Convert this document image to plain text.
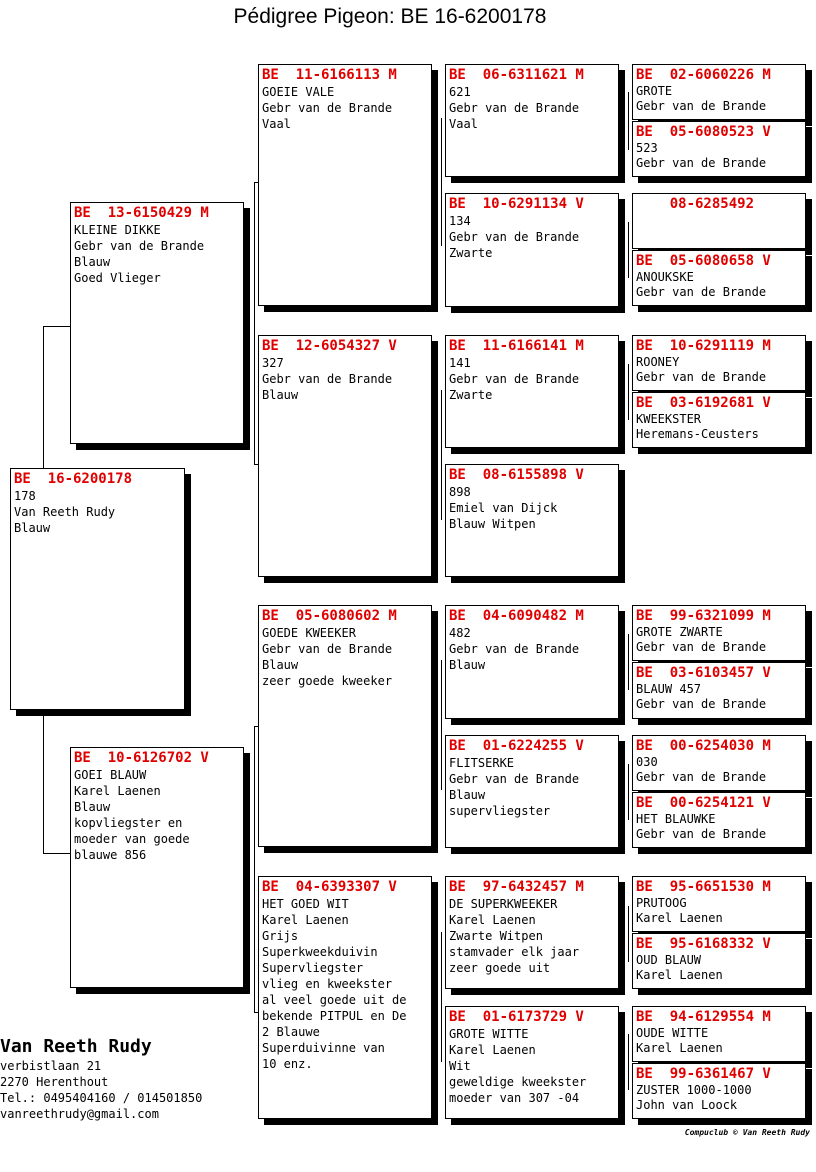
Pédigree Pigeon: BE 16-6200178
BE  16-6200178
178
Van Reeth Rudy
Blauw
BE  13-6150429 M
KLEINE DIKKE
Gebr van de Brande
Blauw
Goed Vlieger
BE  10-6126702 V
GOEI BLAUW
Karel Laenen
Blauw
kopvliegster en
moeder van goede
blauwe 856
BE  11-6166113 M
GOEIE VALE
Gebr van de Brande
Vaal
BE  12-6054327 V
327
Gebr van de Brande
Blauw
BE  05-6080602 M
GOEDE KWEEKER
Gebr van de Brande
Blauw
zeer goede kweeker
BE  04-6393307 V
HET GOED WIT
Karel Laenen
Grijs
Superkweekduivin
Supervliegster
vlieg en kweekster
al veel goede uit de
bekende PITPUL en De
2 Blauwe
Superduivinne van
10 enz.
BE  06-6311621 M
621
Gebr van de Brande
Vaal
BE  10-6291134 V
134
Gebr van de Brande
Zwarte
BE  11-6166141 M
141
Gebr van de Brande
Zwarte
BE  08-6155898 V
898
Emiel van Dijck
Blauw Witpen
BE  04-6090482 M
482
Gebr van de Brande
Blauw
BE  01-6224255 V
FLITSERKE
Gebr van de Brande
Blauw
supervliegster
BE  97-6432457 M
DE SUPERKWEEKER
Karel Laenen
Zwarte Witpen
stamvader elk jaar
zeer goede uit
BE  01-6173729 V
GROTE WITTE
Karel Laenen
Wit
geweldige kweekster
moeder van 307 -04
BE  02-6060226 M
GROTE
Gebr van de Brande
BE  05-6080523 V
523
Gebr van de Brande
08-6285492
BE  05-6080658 V
ANOUKSKE
Gebr van de Brande
BE  10-6291119 M
ROONEY
Gebr van de Brande
BE  03-6192681 V
KWEEKSTER
Heremans-Ceusters
BE  99-6321099 M
GROTE ZWARTE
Gebr van de Brande
BE  03-6103457 V
BLAUW 457
Gebr van de Brande
BE  00-6254030 M
030
Gebr van de Brande
BE  00-6254121 V
HET BLAUWKE
Gebr van de Brande
BE  95-6651530 M
PRUTOOG
Karel Laenen
BE  95-6168332 V
OUD BLAUW
Karel Laenen
BE  94-6129554 M
OUDE WITTE
Karel Laenen
BE  99-6361467 V
ZUSTER 1000-1000
John van Loock
Van Reeth Rudy
verbistlaan 21
2270 Herenthout
Tel.: 0495404160 / 014501850
vanreethrudy@gmail.com
Compuclub © Van Reeth Rudy
